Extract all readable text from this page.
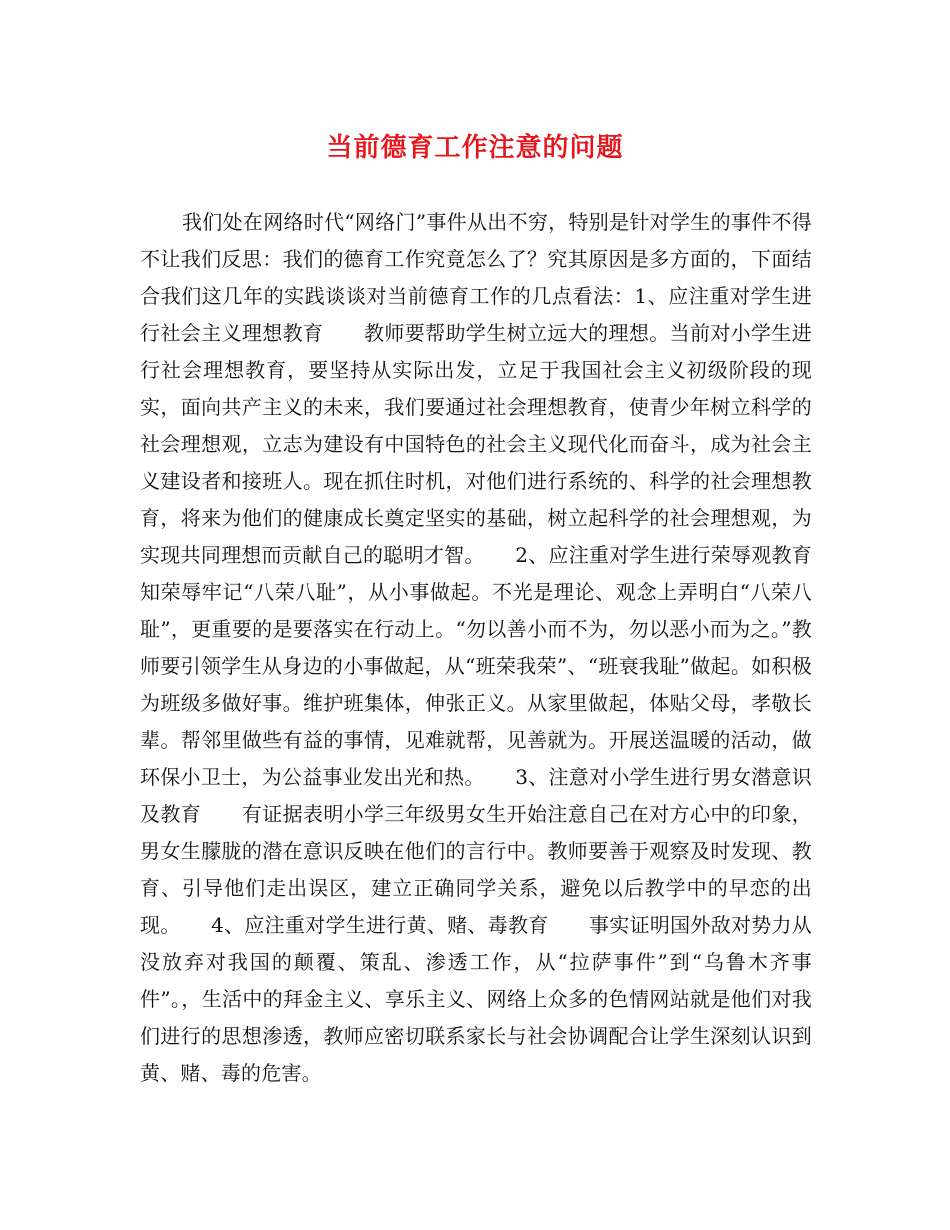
当前德育工作注意的问题

我们处在网络时代“网络门”事件从出不穷，特别是针对学生的事件不得不让我们反思：我们的德育工作究竟怎么了？究其原因是多方面的，下面结合我们这几年的实践谈谈对当前德育工作的几点看法：1、应注重对学生进行社会主义理想教育　　教师要帮助学生树立远大的理想。当前对小学生进行社会理想教育，要坚持从实际出发，立足于我国社会主义初级阶段的现实，面向共产主义的未来，我们要通过社会理想教育，使青少年树立科学的社会理想观，立志为建设有中国特色的社会主义现代化而奋斗，成为社会主义建设者和接班人。现在抓住时机，对他们进行系统的、科学的社会理想教育，将来为他们的健康成长奠定坚实的基础，树立起科学的社会理想观，为实现共同理想而贡献自己的聪明才智。　　2、应注重对学生进行荣辱观教育　　知荣辱牢记“八荣八耻”，从小事做起。不光是理论、观念上弄明白“八荣八耻”，更重要的是要落实在行动上。“勿以善小而不为，勿以恶小而为之。”教师要引领学生从身边的小事做起，从“班荣我荣”、“班衰我耻”做起。如积极为班级多做好事。维护班集体，伸张正义。从家里做起，体贴父母，孝敬长辈。帮邻里做些有益的事情，见难就帮，见善就为。开展送温暖的活动，做环保小卫士，为公益事业发出光和热。　　3、注意对小学生进行男女潜意识及教育　　有证据表明小学三年级男女生开始注意自己在对方心中的印象，男女生朦胧的潜在意识反映在他们的言行中。教师要善于观察及时发现、教育、引导他们走出误区，建立正确同学关系，避免以后教学中的早恋的出现。　　4、应注重对学生进行黄、赌、毒教育　　事实证明国外敌对势力从没放弃对我国的颠覆、策乱、渗透工作，从“拉萨事件”到“乌鲁木齐事件”。，生活中的拜金主义、享乐主义、网络上众多的色情网站就是他们对我们进行的思想渗透，教师应密切联系家长与社会协调配合让学生深刻认识到黄、赌、毒的危害。
